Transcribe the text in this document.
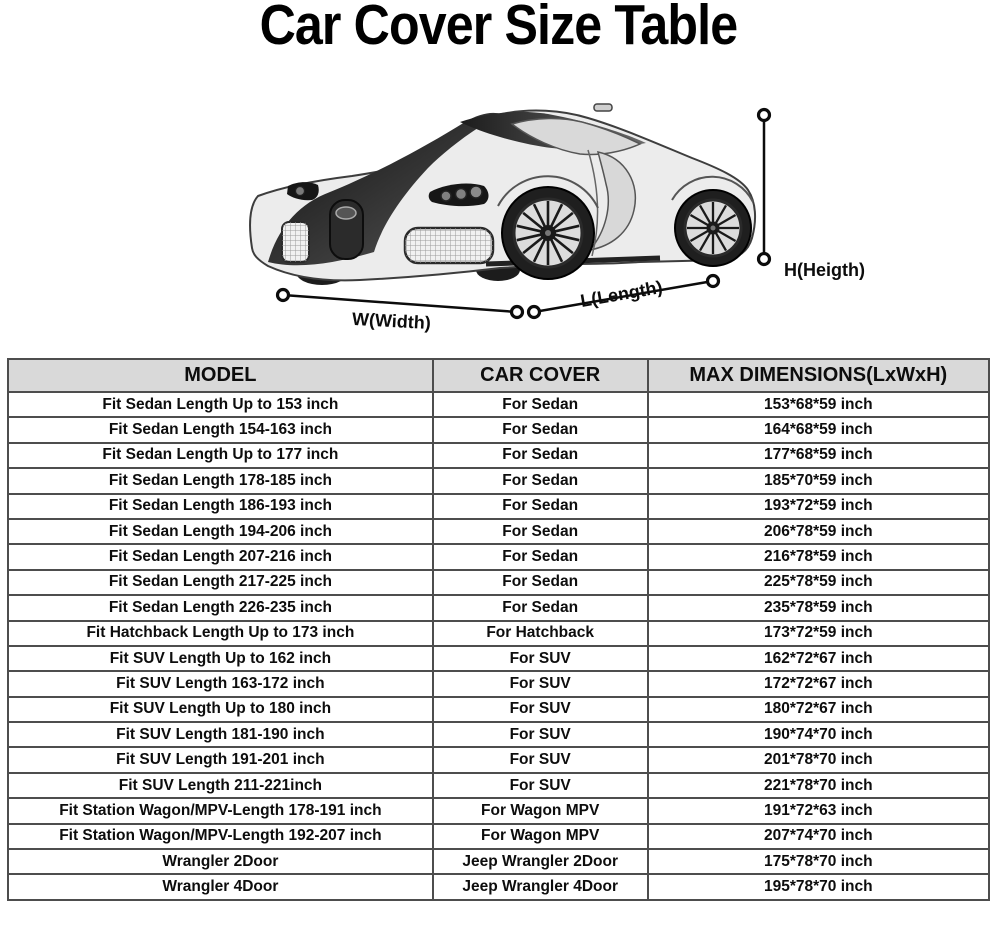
Car Cover Size Table
H(Heigth)
W(Width)
L(Length)
MODEL	CAR COVER	MAX DIMENSIONS(LxWxH)
Fit Sedan Length Up to 153 inch	For Sedan	153*68*59 inch
Fit Sedan Length 154-163 inch	For Sedan	164*68*59 inch
Fit Sedan Length Up to 177 inch	For Sedan	177*68*59 inch
Fit Sedan Length 178-185 inch	For Sedan	185*70*59 inch
Fit Sedan Length 186-193 inch	For Sedan	193*72*59 inch
Fit Sedan Length 194-206 inch	For Sedan	206*78*59 inch
Fit Sedan Length 207-216 inch	For Sedan	216*78*59 inch
Fit Sedan Length 217-225 inch	For Sedan	225*78*59 inch
Fit Sedan Length 226-235 inch	For Sedan	235*78*59 inch
Fit Hatchback Length Up to 173 inch	For Hatchback	173*72*59 inch
Fit SUV Length Up to 162 inch	For SUV	162*72*67 inch
Fit SUV Length 163-172 inch	For SUV	172*72*67 inch
Fit SUV Length Up to 180 inch	For SUV	180*72*67 inch
Fit SUV Length 181-190 inch	For SUV	190*74*70 inch
Fit SUV Length 191-201 inch	For SUV	201*78*70 inch
Fit SUV Length 211-221inch	For SUV	221*78*70 inch
Fit Station Wagon/MPV-Length 178-191 inch	For Wagon MPV	191*72*63 inch
Fit Station Wagon/MPV-Length 192-207 inch	For Wagon MPV	207*74*70 inch
Wrangler 2Door	Jeep Wrangler 2Door	175*78*70 inch
Wrangler 4Door	Jeep Wrangler 4Door	195*78*70 inch
